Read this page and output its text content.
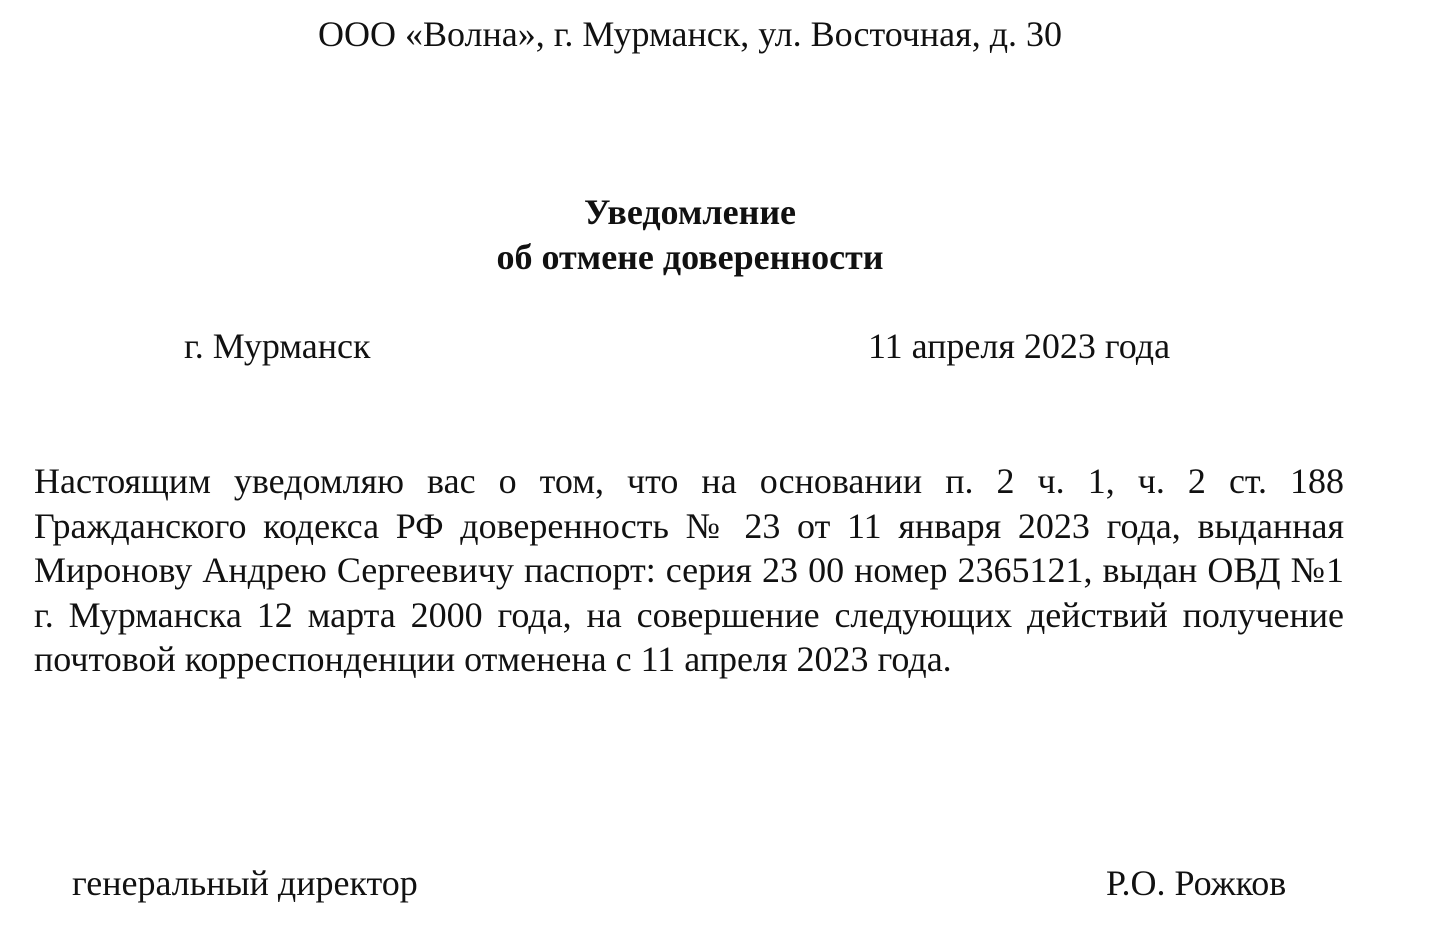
ООО «Волна», г. Мурманск, ул. Восточная, д. 30
Уведомление
об отмене доверенности
г. Мурманск	11 апреля 2023 года

Настоящим уведомляю вас о том, что на основании п. 2 ч. 1, ч. 2 ст. 188 Гражданского кодекса РФ доверенность № 23 от 11 января 2023 года, выданная Миронову Андрею Сергеевичу паспорт: серия 23 00 номер 2365121, выдан ОВД №1 г. Мурманска 12 марта 2000 года, на совершение следующих действий получение почтовой корреспонденции отменена с 11 апреля 2023 года.

генеральный директор	Р.О. Рожков
